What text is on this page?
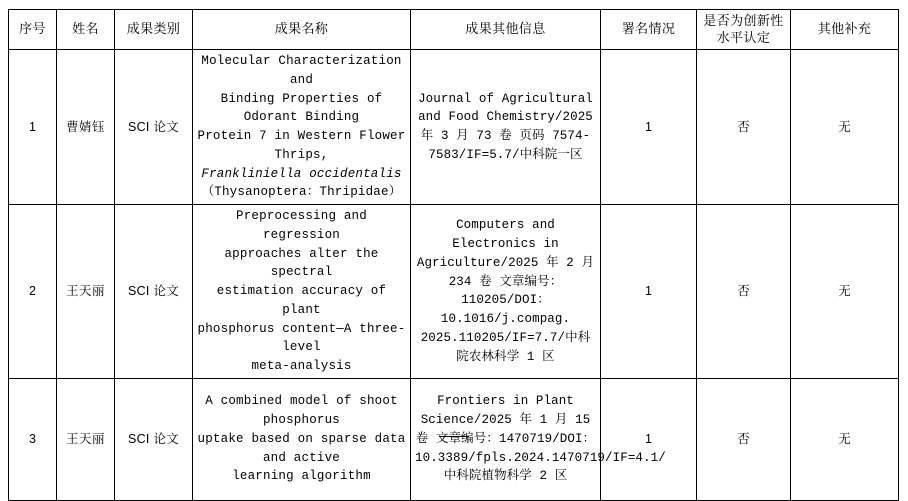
序号	姓名	成果类别	成果名称	成果其他信息	署名情况	是否为创新性水平认定	其他补充
1	曹婧钰	SCI 论文	Molecular Characterization and
Binding Properties of Odorant Binding
Protein 7 in Western Flower Thrips,
Frankliniella occidentalis
（Thysanoptera：Thripidae）	Journal of Agricultural and Food Chemistry/2025 年 3 月 73 卷 页码 7574-7583/IF=5.7/中科院一区	1	否	无
2	王天丽	SCI 论文	Preprocessing and regression
approaches alter the spectral
estimation accuracy of plant
phosphorus content—A three-level
meta-analysis	Computers and Electronics in Agriculture/2025 年 2 月 234 卷 文章编号：110205/DOI：10.1016/j.compag. 2025.110205/IF=7.7/中科院农林科学 1 区	1	否	无
3	王天丽	SCI 论文	A combined model of shoot phosphorus
uptake based on sparse data and active
learning algorithm	Frontiers in Plant Science/2025 年 1 月 15 卷 文章编号：1470719/DOI：10.3389/fpls.2024.1470719/IF=4.1/中科院植物科学 2 区	1	否	无
